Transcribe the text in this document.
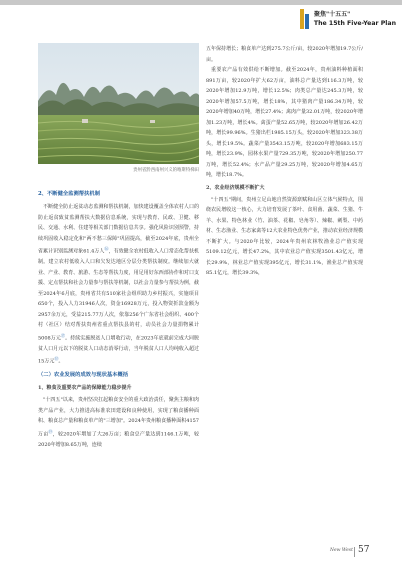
聚焦"十五五"
The 15th Five-Year Plan
贵州省黔西南州兴义的喀斯特梯田
2、不断健全监测帮扶机制

不断健全防止返贫动态监测和帮扶机制，加快建设覆盖全体农村人口的防止返贫致贫监测帮扶大数据信息系统，实现与教育、民政、卫健、移民、交通、水利、住建等相关部门数据信息共享。强化风险识别预警，持续巩固收入稳定化和"两不愁三保障"巩固提高，截至2024年底，贵州全省累计识别监测对象61.4万人⑯，有效健全农村低收入人口常态化帮扶机制。建立农村低收入人口和欠发达地区分层分类帮扶制度。继续加大就业、产业、教育、旅游、生态等帮扶力度，用足用好东西部协作和对口支援、定点帮扶和社会力量参与帮扶等机制，以社会力量参与帮扶为例，截至2024年6月底，贵州省共有510家社会组织助力乡村振兴，实施项目650个，投入人力31946人次，资金16928万元，投入物资折款金额为2957余万元，受益215.77万人次，依靠256个广东省社会组织、400个村（社区）结对帮扶贵州省重点帮扶县的村，动员社会力量捐物累计5008万元⑰。持续实施脱贫人口增收行动，在2023年底就前完成大同脱贫人口月元以下的脱贫人口动态消零行动，当年脱贫人口人均纯收入超过15万元⑱。

（二）农业发展的成效与现状基本概括
1、粮食及重要农产品的保障能力稳步提升

"十四五"以来，贵州坚决扛起粮食安全的重大政治责任，聚焦主粮和肉类产品产业，大力推进高标准农田建设和良种使用，实现了粮食播种面积、粮食总产量和粮食单产的"三增加"。2024年贵州粮食播种面积4157万亩⑲，较2020年增加了大26万亩；粮食总产量达到1146.1万吨，较2020年增加8.65万吨，连续

五年保持增长；粮食单产达到275.7公斤/亩，较2020年增加19.7公斤/亩。

重要农产品有效供给不断增加。截至2024年，贵州油料种植面积891万亩，较2020年扩大62万亩，油料总产量达到116.3万吨，较2020年增加12.9万吨，增长12.5%；肉类总产量达245.3万吨，较2020年增加57.5万吨，增长18%，其中猪肉产量186.34万吨，较2020年增加40万吨，增长27.4%；禽肉产量32.01万吨，较2020年增加1.23万吨，增长4%。禽蛋产量52.65万吨，较2020年增加26.42万吨，增长99.96%。生猪出栏1985.15万头，较2020年增加323.38万头，增长19.5%。蔬菜产量3543.15万吨，较2020年增加683.15万吨，增长23.9%，园林水果产量729.35万吨，较2020年增加250.77万吨，增长52.4%；水产品产量29.25万吨，较2020年增加4.65万吨，增长18.7%。

2、农业经济规模不断扩大

"十四五"期间，贵州立足山地自然资源禀赋和山区立体气候特点，围绕农民增收这一核心，大力培育发展了茶叶、食用菌、蔬菜、生猪、牛羊、水果、特色林业（竹、油茶、花椒、皂角等）、辣椒、刺梨、中药材、生态渔业、生态家禽等12大农业特色优势产业，推动农业经济规模不断扩大。与2020年比较，2024年贵州农林牧渔业总产值实现5109.12亿元，增长47.2%，其中农业总产值实现3501.43亿元，增长29.9%，林业总产值实现395亿元，增长31.1%，渔业总产值实现85.1亿元，增长39.3%，

New West 57
